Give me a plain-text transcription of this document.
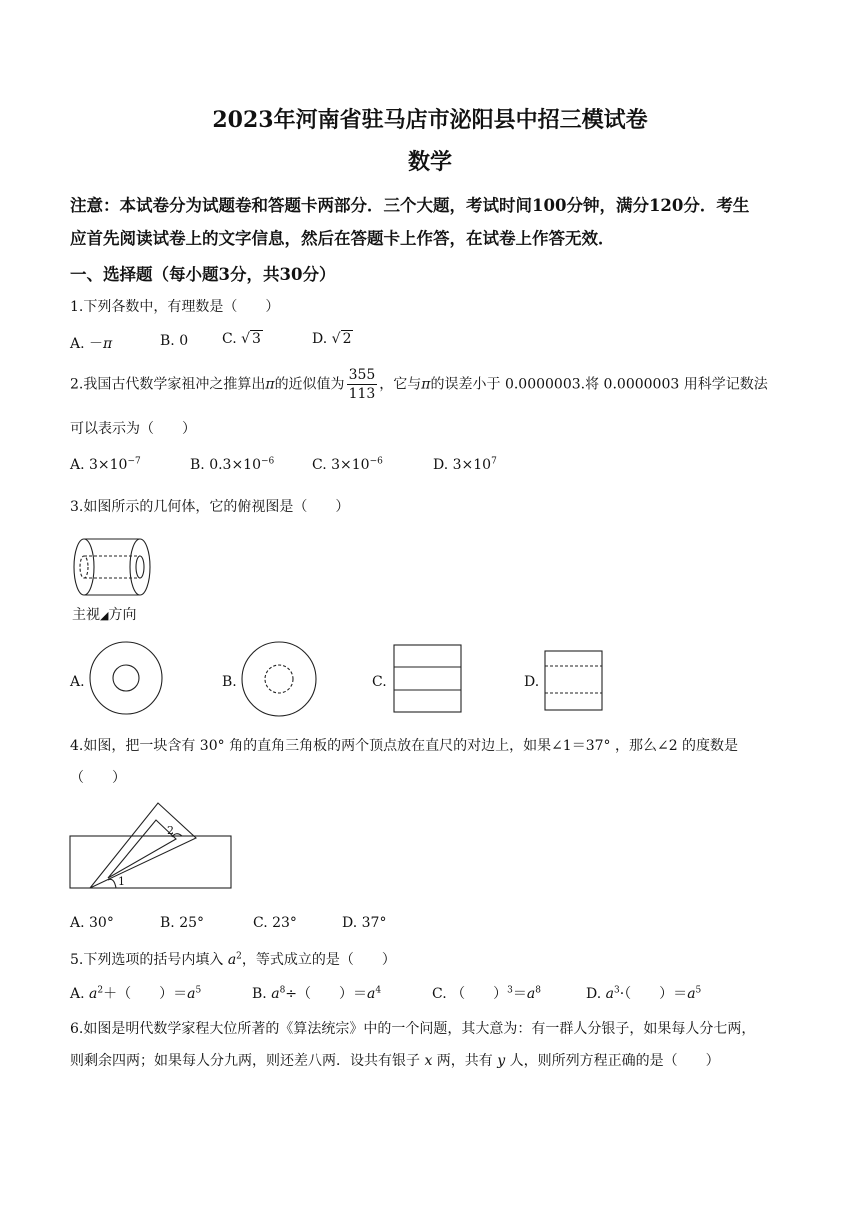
2023年河南省驻马店市泌阳县中招三模试卷
数学
注意：本试卷分为试题卷和答题卡两部分．三个大题，考试时间100分钟，满分120分．考生
应首先阅读试卷上的文字信息，然后在答题卡上作答，在试卷上作答无效．
一、选择题（每小题3分，共30分）
1.下列各数中，有理数是（　　）
A. －π	B. 0 C. √ 3	D. √ 2
2.我国古代数学家祖冲之推算出π的近似值为 $\frac{355}{113}$ ，它与π的误差小于 0.0000003.将 0.0000003 用科学记数法
可以表示为（　　）
A. $3\times 10^{-7}$	B. $0.3\times 10^{-6}$	C. $3\times 10^{-6}$	D. $3\times 10^7$
3.如图所示的几何体，它的俯视图是（　　）
主视◢方向
A.	B.	C.	D.
4.如图，把一块含有 30° 角的直角三角板的两个顶点放在直尺的对边上，如果∠1＝37° ，那么∠2 的度数是
（　　）
1
2
A. 30°	B. 25°	C. 23°	D. 37°
5.下列选项的括号内填入 $a^2$，等式成立的是（　　）
A. $a^2+$（　　）$=a^5$	B. $a^8\div$（　　）$=a^4$	C. （　　）$^3=a^8$	D. $a^3\cdot$（　　）$=a^5$
6.如图是明代数学家程大位所著的《算法统宗》中的一个问题，其大意为：有一群人分银子，如果每人分七两，
则剩余四两；如果每人分九两，则还差八两．设共有银子 x 两，共有 y 人，则所列方程正确的是（　　）
